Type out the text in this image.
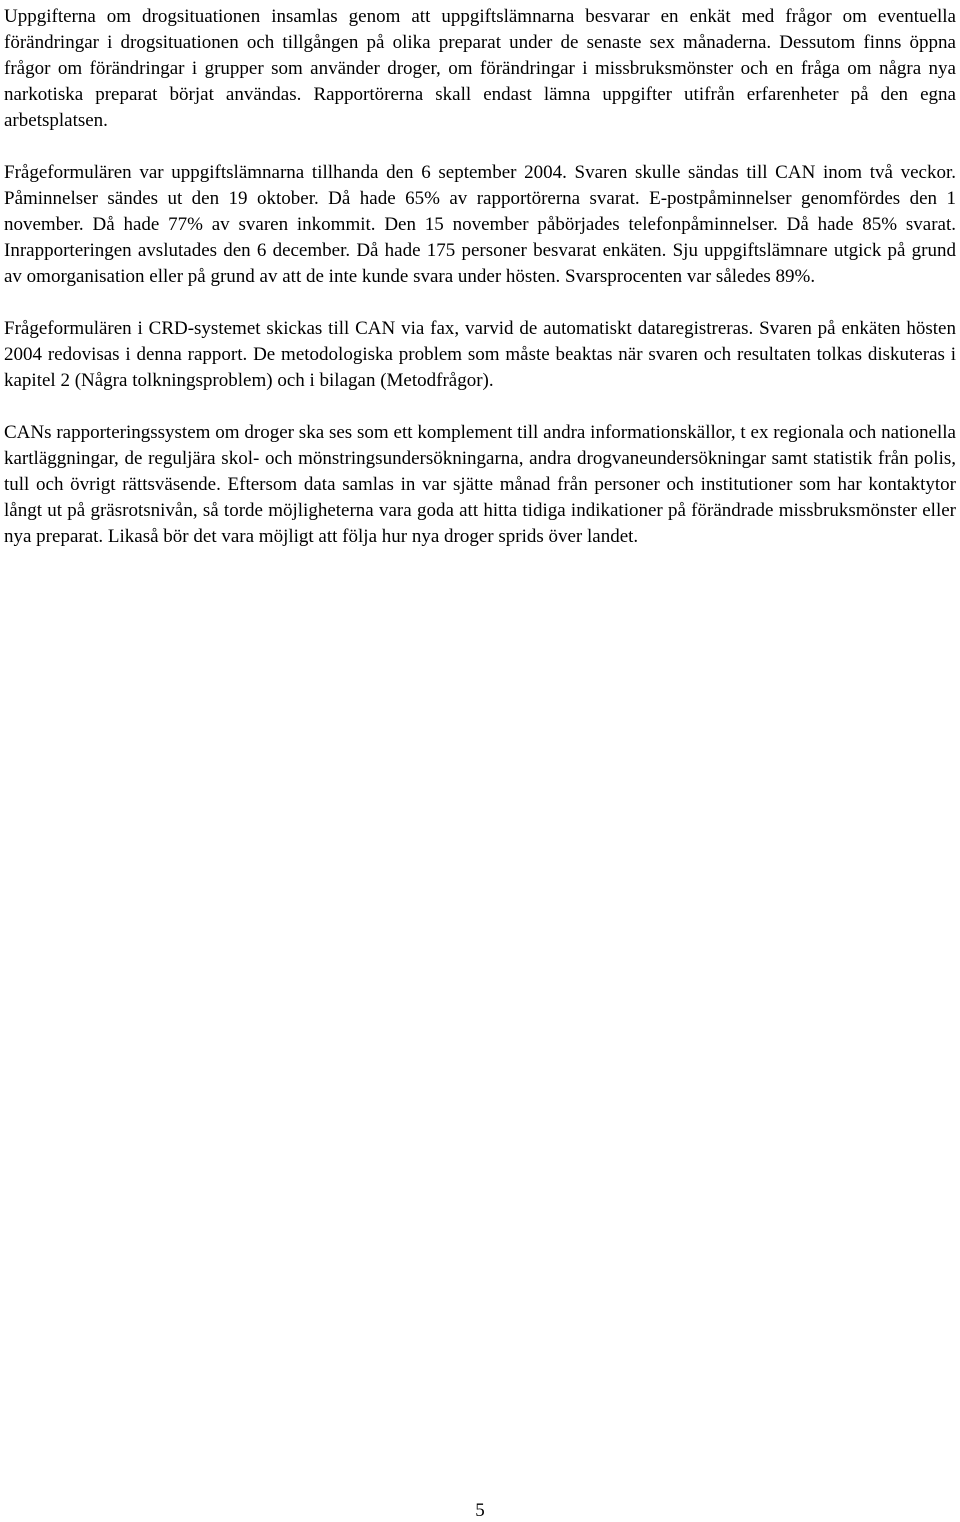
Uppgifterna om drogsituationen insamlas genom att uppgiftslämnarna besvarar en enkät med frågor om eventuella förändringar i drogsituationen och tillgången på olika preparat under de senaste sex månaderna. Dessutom finns öppna frågor om förändringar i grupper som använder droger, om förändringar i missbruksmönster och en fråga om några nya narkotiska preparat börjat användas. Rapportörerna skall endast lämna uppgifter utifrån erfarenheter på den egna arbetsplatsen.

Frågeformulären var uppgiftslämnarna tillhanda den 6 september 2004. Svaren skulle sändas till CAN inom två veckor. Påminnelser sändes ut den 19 oktober. Då hade 65% av rapportörerna svarat. E-postpåminnelser genomfördes den 1 november. Då hade 77% av svaren inkommit. Den 15 november påbörjades telefonpåminnelser. Då hade 85% svarat. Inrapporteringen avslutades den 6 december. Då hade 175 personer besvarat enkäten. Sju uppgiftslämnare utgick på grund av omorganisation eller på grund av att de inte kunde svara under hösten. Svarsprocenten var således 89%.

Frågeformulären i CRD-systemet skickas till CAN via fax, varvid de automatiskt dataregistreras. Svaren på enkäten hösten 2004 redovisas i denna rapport. De metodologiska problem som måste beaktas när svaren och resultaten tolkas diskuteras i kapitel 2 (Några tolkningsproblem) och i bilagan (Metodfrågor).

CANs rapporteringssystem om droger ska ses som ett komplement till andra informationskällor, t ex regionala och nationella kartläggningar, de reguljära skol- och mönstringsundersökningarna, andra drogvaneundersökningar samt statistik från polis, tull och övrigt rättsväsende. Eftersom data samlas in var sjätte månad från personer och institutioner som har kontaktytor långt ut på gräsrotsnivån, så torde möjligheterna vara goda att hitta tidiga indikationer på förändrade missbruksmönster eller nya preparat. Likaså bör det vara möjligt att följa hur nya droger sprids över landet.

5
